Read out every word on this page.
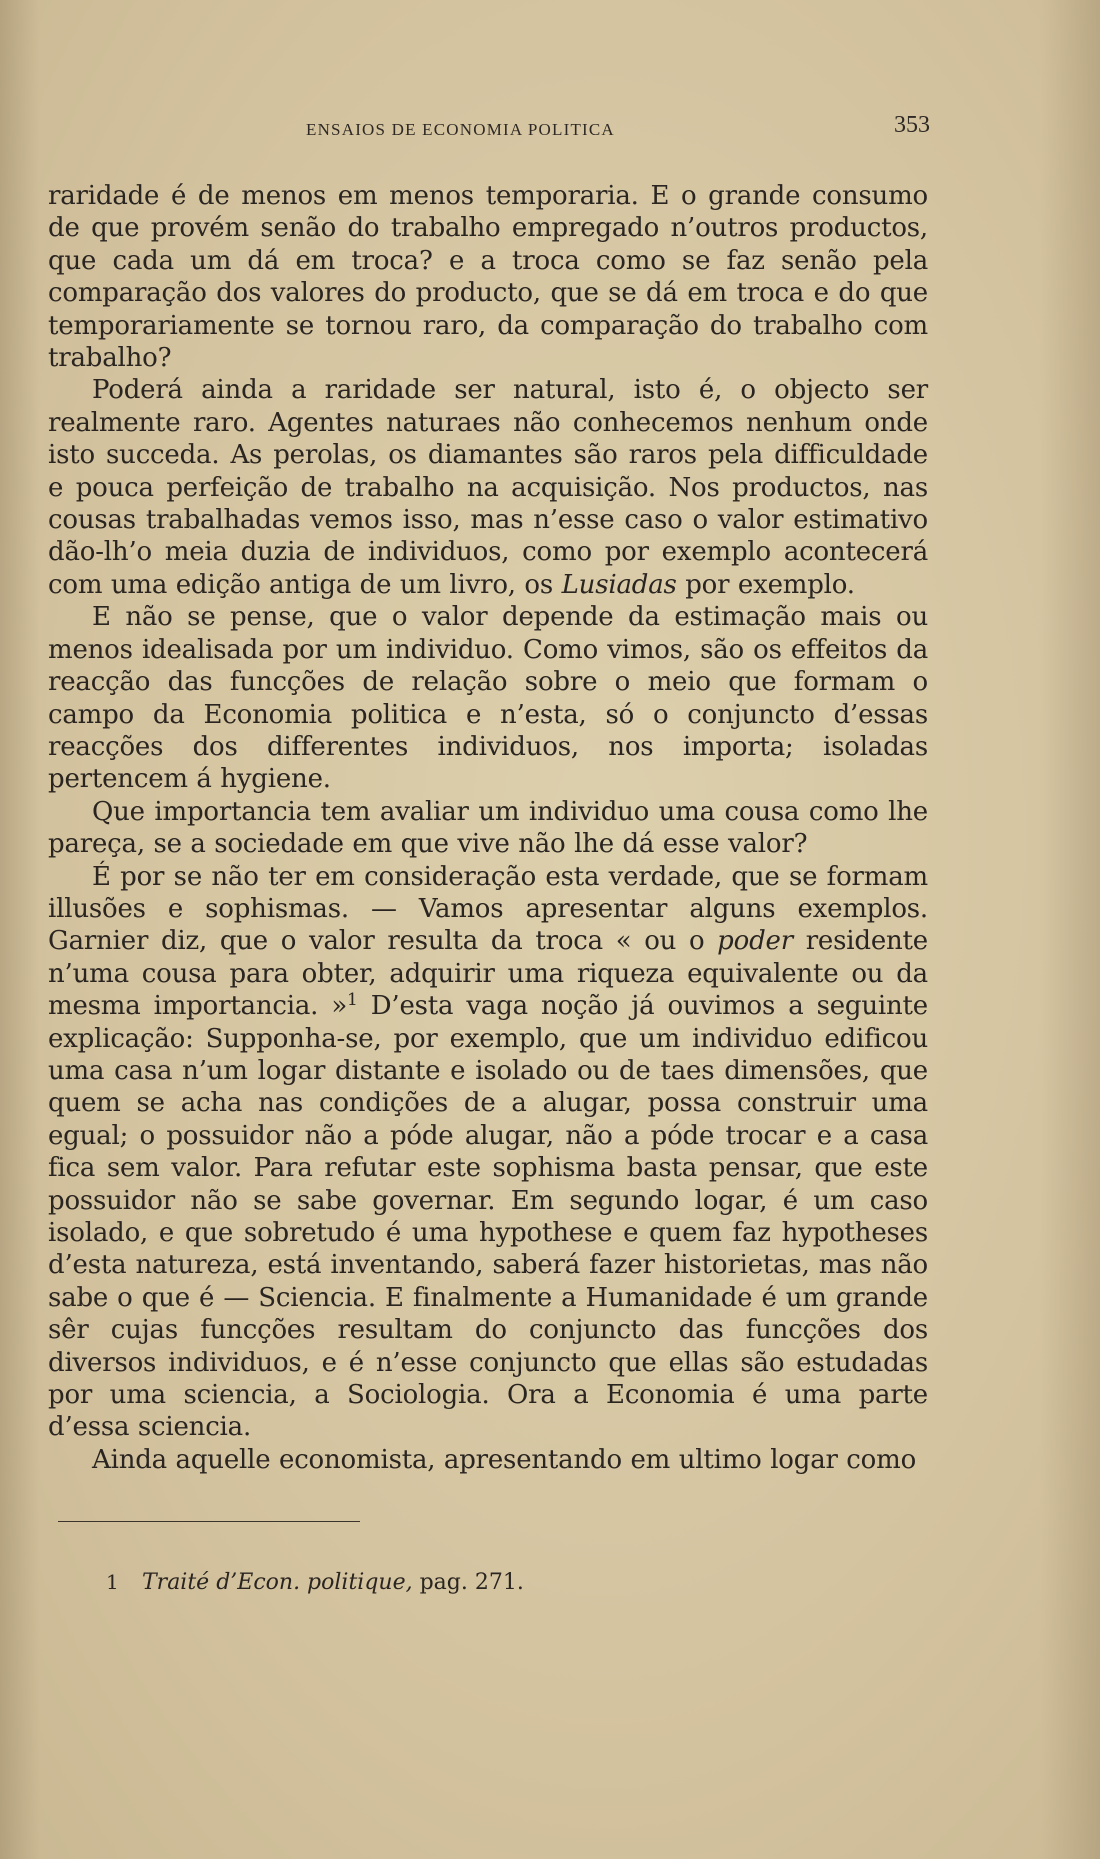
ENSAIOS DE ECONOMIA POLITICA	353

raridade é de menos em menos temporaria. E o grande consumo de que provém senão do trabalho empregado n’outros productos, que cada um dá em troca? e a troca como se faz senão pela comparação dos valores do producto, que se dá em troca e do que temporariamente se tornou raro, da comparação do trabalho com trabalho?

Poderá ainda a raridade ser natural, isto é, o objecto ser realmente raro. Agentes naturaes não conhecemos nenhum onde isto succeda. As perolas, os diamantes são raros pela difficuldade e pouca perfeição de trabalho na acquisição. Nos productos, nas cousas trabalhadas vemos isso, mas n’esse caso o valor estimativo dão-lh’o meia duzia de individuos, como por exemplo acontecerá com uma edição antiga de um livro, os Lusiadas por exemplo.

E não se pense, que o valor depende da estimação mais ou menos idealisada por um individuo. Como vimos, são os effeitos da reacção das funcções de relação sobre o meio que formam o campo da Economia politica e n’esta, só o conjuncto d’essas reacções dos differentes individuos, nos importa; isoladas pertencem á hygiene.

Que importancia tem avaliar um individuo uma cousa como lhe pareça, se a sociedade em que vive não lhe dá esse valor?

É por se não ter em consideração esta verdade, que se formam illusões e sophismas. — Vamos apresentar alguns exemplos. Garnier diz, que o valor resulta da troca « ou o poder residente n’uma cousa para obter, adquirir uma riqueza equivalente ou da mesma importancia. »$^1$ D’esta vaga noção já ouvimos a seguinte explicação: Supponha-se, por exemplo, que um individuo edificou uma casa n’um logar distante e isolado ou de taes dimensões, que quem se acha nas condições de a alugar, possa construir uma egual; o possuidor não a póde alugar, não a póde trocar e a casa fica sem valor. Para refutar este sophisma basta pensar, que este possuidor não se sabe governar. Em segundo logar, é um caso isolado, e que sobretudo é uma hypothese e quem faz hypotheses d’esta natureza, está inventando, saberá fazer historietas, mas não sabe o que é — Sciencia. E finalmente a Humanidade é um grande sêr cujas funcções resultam do conjuncto das funcções dos diversos individuos, e é n’esse conjuncto que ellas são estudadas por uma sciencia, a Sociologia. Ora a Economia é uma parte d’essa sciencia.

Ainda aquelle economista, apresentando em ultimo logar como

1 Traité d’Econ. politique, pag. 271.
